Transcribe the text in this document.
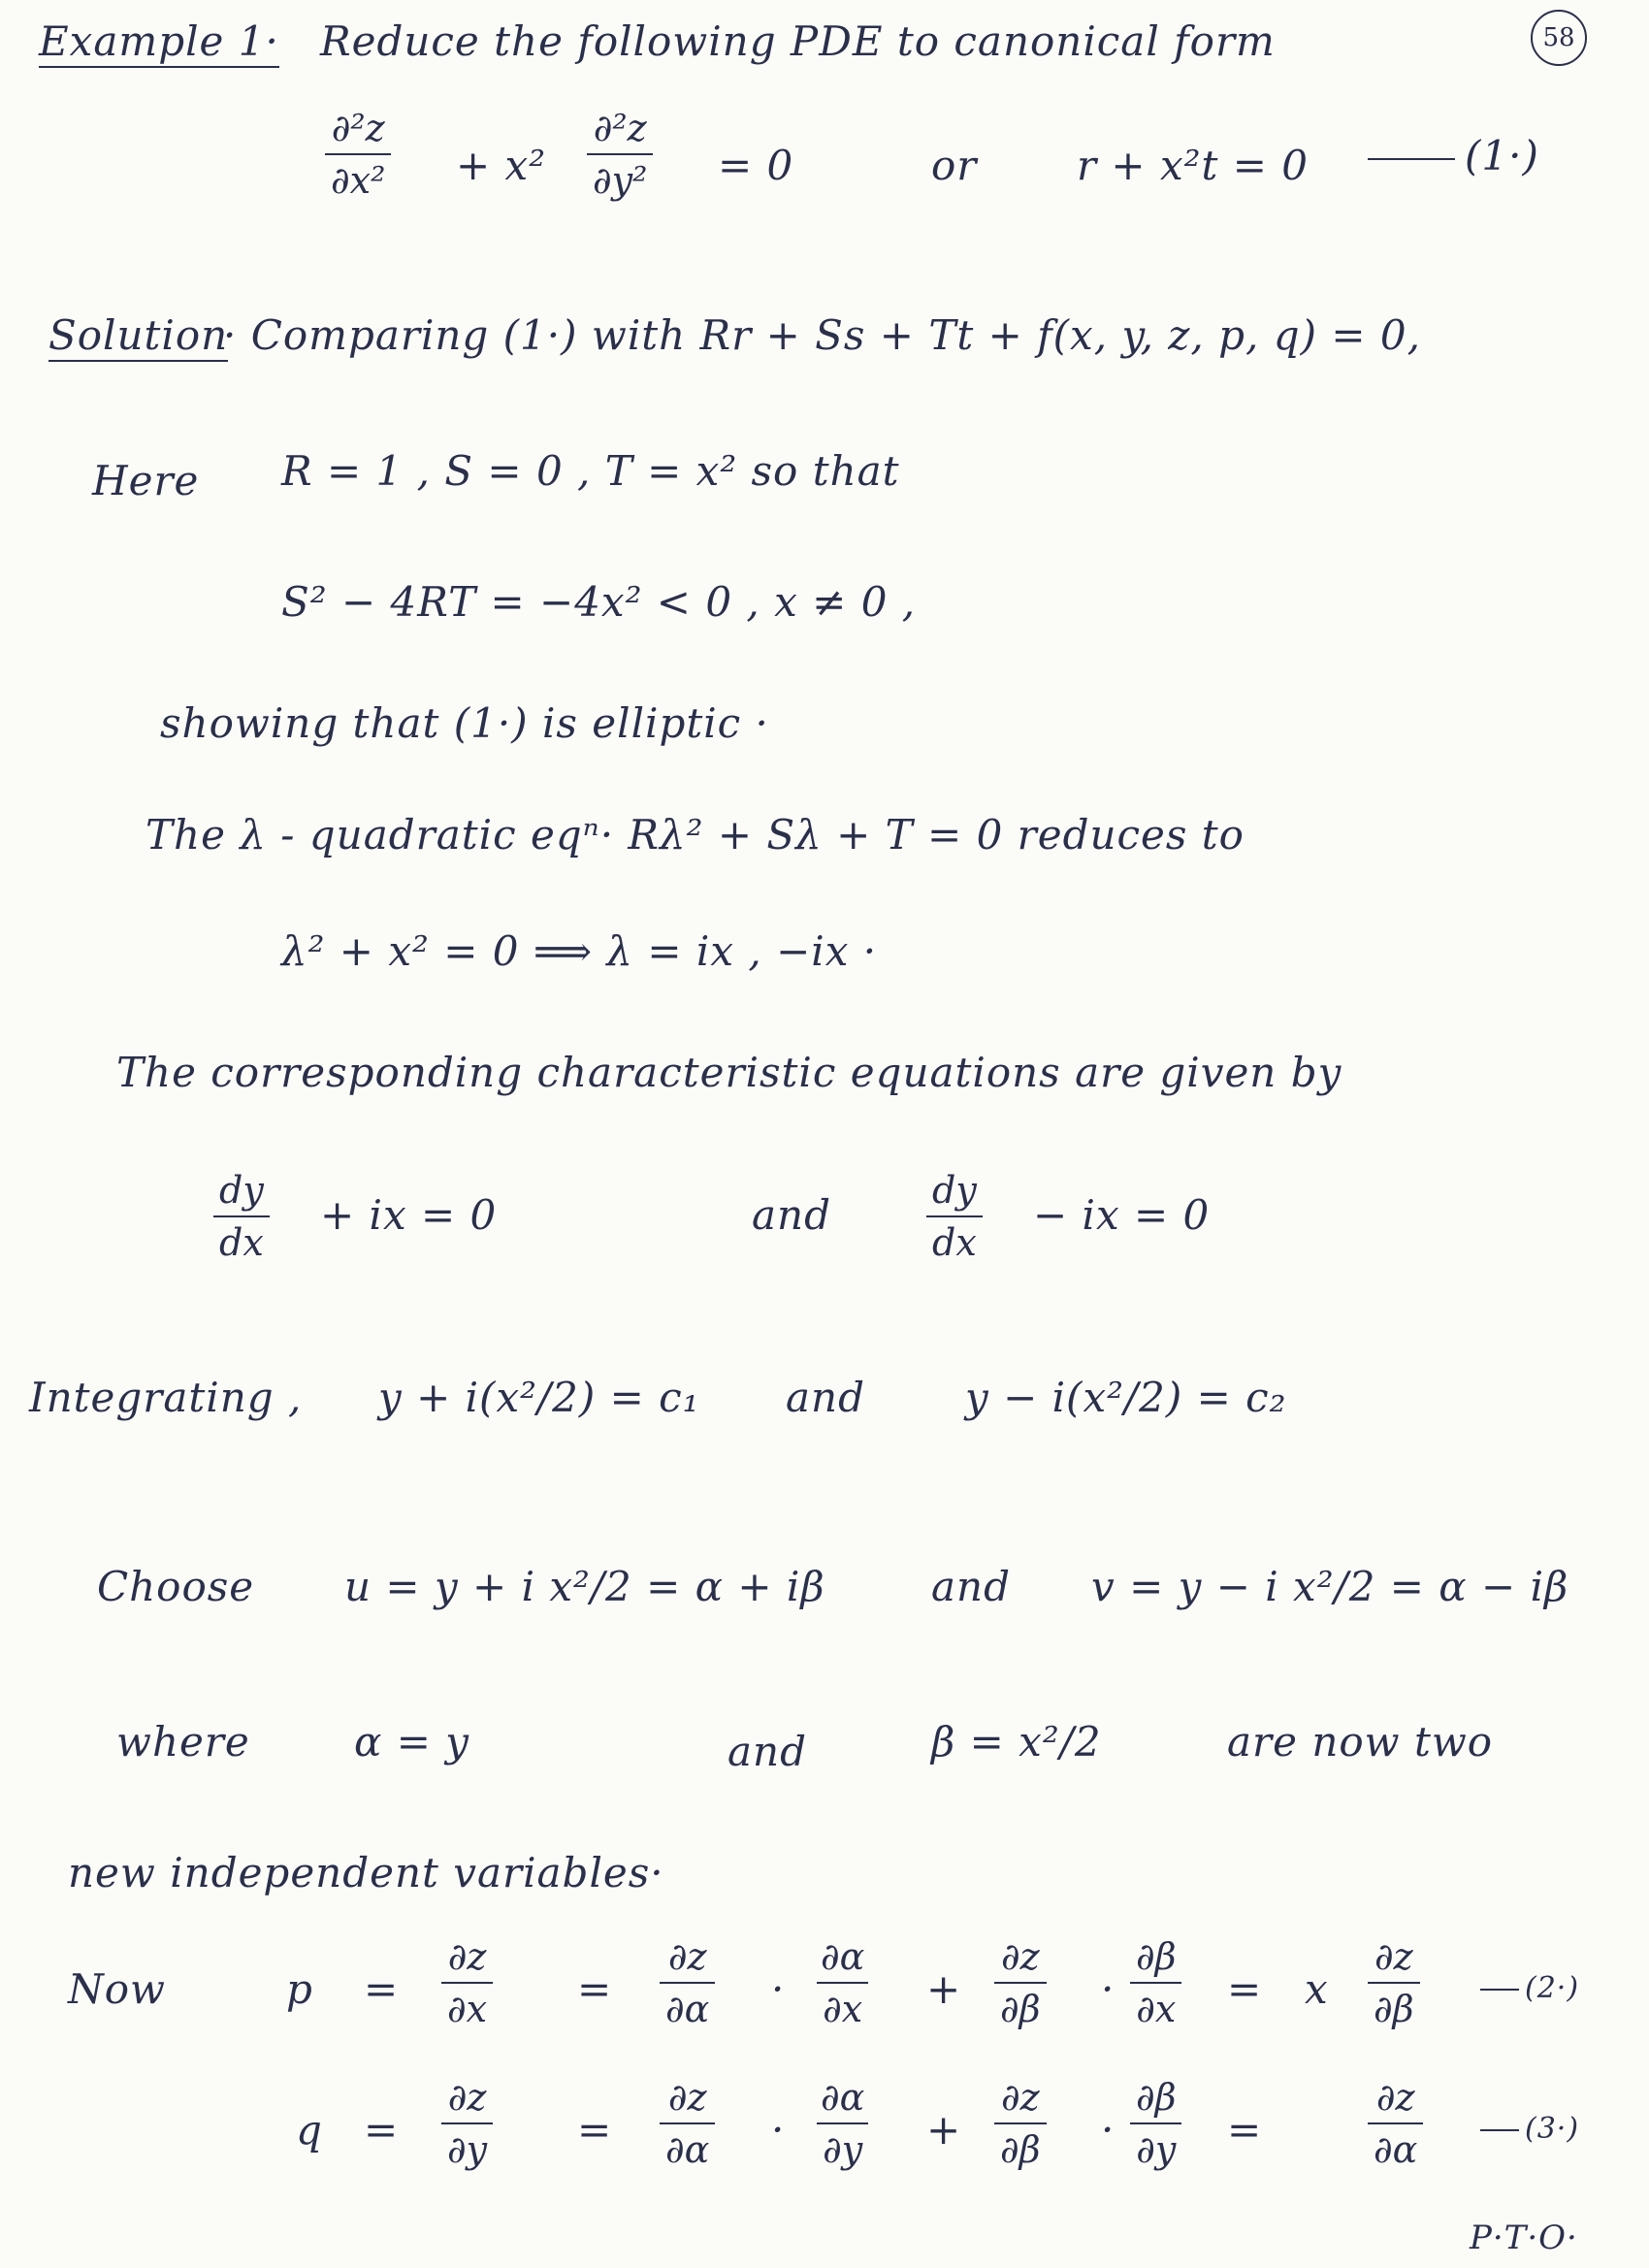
Example 1· Reduce the following PDE to canonical form	58
$\frac{\text{∂²z}}{\text{∂x²}} + x^2 \frac{\text{∂²z}}{\text{∂y²}} = 0$	or r + x²t = 0	(1·)
Solution
· Comparing (1·) with Rr + Ss + Tt + f(x, y, z, p, q) = 0,
Here R = 1 , S = 0 , T = x² so that
S² − 4RT = −4x² < 0 , x ≠ 0 ,
showing that (1·) is elliptic ·
The λ - quadratic eqⁿ· Rλ² + Sλ + T = 0 reduces to
λ² + x² = 0 ⟹ λ = ix , −ix ·
The corresponding characteristic equations are given by
$\frac{dy}{dx}$ + ix = 0	and	$\frac{dy}{dx}$ − ix = 0
Integrating , y + i(x²/2) = c₁ and y − i(x²/2) = c₂
Choose u = y + i x²/2 = α + iβ	and v = y − i x²/2 = α − iβ
where	α = y	and	β = x²/2	are now two
new independent variables·
Now	$p = \frac{\partial z}{\partial x} = \frac{\partial z}{\partial\alpha} \cdot \frac{\partial\alpha}{\partial x} + \frac{\partial z}{\partial\beta} \cdot \frac{\partial\beta}{\partial x} = x \frac{\partial z}{\partial\beta}$	(2·)
$q = \frac{\partial z}{\partial y} = \frac{\partial z}{\partial\alpha} \cdot \frac{\partial\alpha}{\partial y} + \frac{\partial z}{\partial\beta} \cdot \frac{\partial\beta}{\partial y}$ =	$\frac{\partial z}{\partial\alpha}$	(3·)
P·T·O·
